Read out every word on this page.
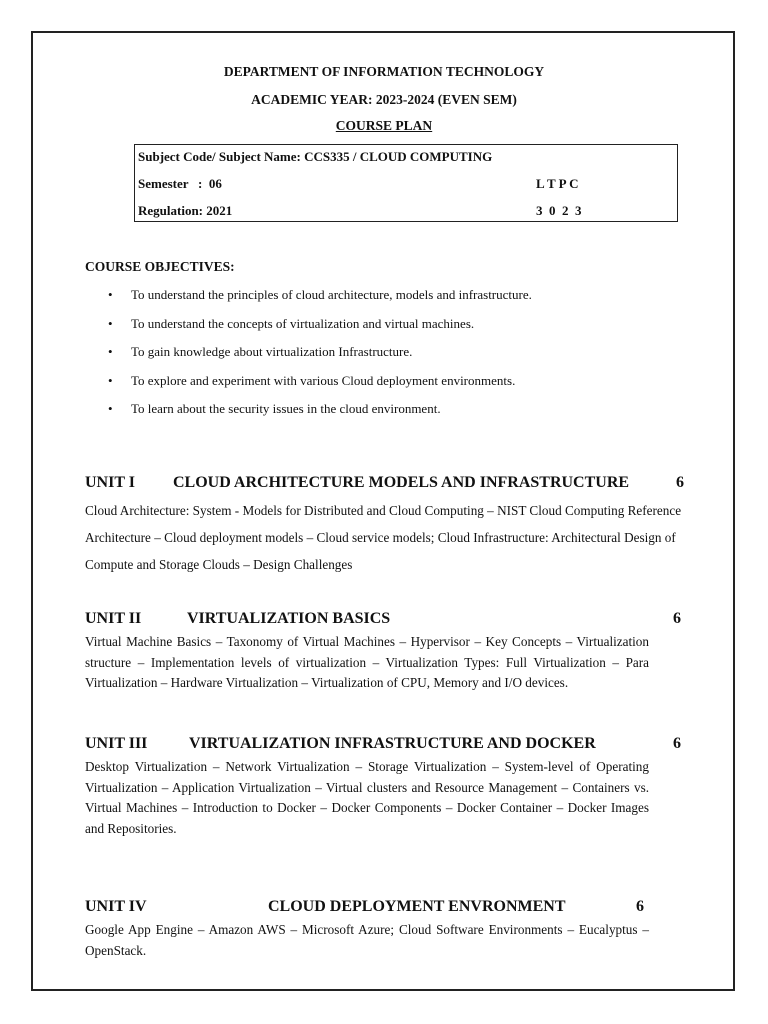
DEPARTMENT OF INFORMATION TECHNOLOGY
ACADEMIC YEAR: 2023-2024 (EVEN SEM)
COURSE PLAN
Subject Code/ Subject Name: CCS335 / CLOUD COMPUTING
Semester   :  06	L T P C
Regulation: 2021	3  0  2  3
COURSE OBJECTIVES:
• To understand the principles of cloud architecture, models and infrastructure.
• To understand the concepts of virtualization and virtual machines.
• To gain knowledge about virtualization Infrastructure.
• To explore and experiment with various Cloud deployment environments.
• To learn about the security issues in the cloud environment.
UNIT I CLOUD ARCHITECTURE MODELS AND INFRASTRUCTURE	6
Cloud Architecture: System - Models for Distributed and Cloud Computing – NIST Cloud Computing Reference Architecture – Cloud deployment models – Cloud service models; Cloud Infrastructure: Architectural Design of Compute and Storage Clouds – Design Challenges
UNIT II	VIRTUALIZATION BASICS	6
Virtual Machine Basics – Taxonomy of Virtual Machines – Hypervisor – Key Concepts – Virtualization structure – Implementation levels of virtualization – Virtualization Types: Full Virtualization – Para Virtualization – Hardware Virtualization – Virtualization of CPU, Memory and I/O devices.
UNIT III	VIRTUALIZATION INFRASTRUCTURE AND DOCKER	6
Desktop Virtualization – Network Virtualization – Storage Virtualization – System-level of Operating Virtualization – Application Virtualization – Virtual clusters and Resource Management – Containers vs. Virtual Machines – Introduction to Docker – Docker Components – Docker Container – Docker Images and Repositories.
UNIT IV	CLOUD DEPLOYMENT ENVRONMENT	6
Google App Engine – Amazon AWS – Microsoft Azure; Cloud Software Environments – Eucalyptus – OpenStack.
